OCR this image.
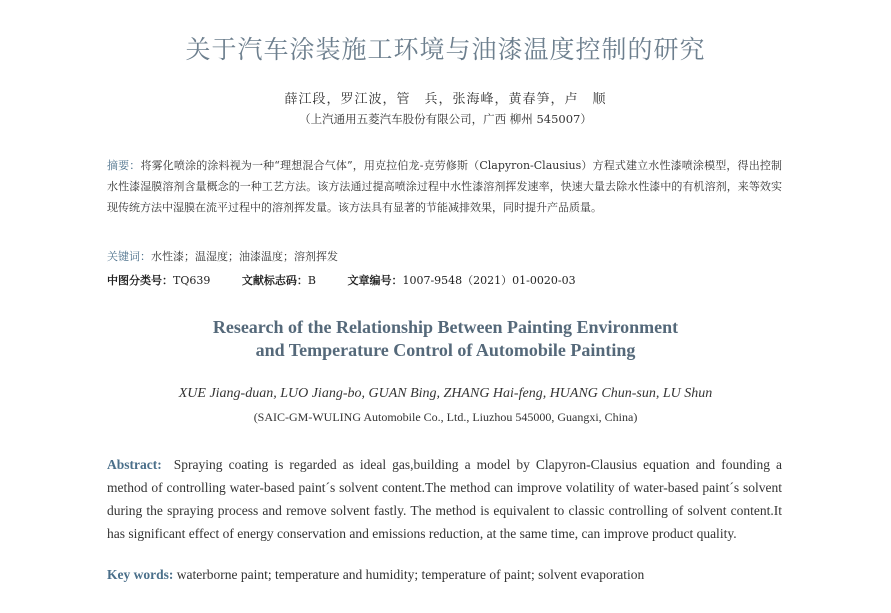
关于汽车涂装施工环境与油漆温度控制的研究
薛江段，罗江波，管　兵，张海峰，黄春笋，卢　顺
（上汽通用五菱汽车股份有限公司，广西 柳州 545007）
摘要：将雾化喷涂的涂料视为一种“理想混合气体”，用克拉伯龙-克劳修斯（Clapyron-Clausius）方程式建立水性漆喷涂模型，得出控制水性漆湿膜溶剂含量概念的一种工艺方法。该方法通过提高喷涂过程中水性漆溶剂挥发速率，快速大量去除水性漆中的有机溶剂，来等效实现传统方法中湿膜在流平过程中的溶剂挥发量。该方法具有显著的节能减排效果，同时提升产品质量。
关键词：水性漆；温湿度；油漆温度；溶剂挥发
中图分类号：TQ639	文献标志码：B	文章编号：1007-9548（2021）01-0020-03
Research of the Relationship Between Painting Environment
and Temperature Control of Automobile Painting
XUE Jiang-duan, LUO Jiang-bo, GUAN Bing, ZHANG Hai-feng, HUANG Chun-sun, LU Shun
(SAIC-GM-WULING Automobile Co., Ltd., Liuzhou 545000, Guangxi, China)
Abstract: Spraying coating is regarded as ideal gas,building a model by Clapyron-Clausius equation and founding a method of controlling water-based paint´s solvent content.The method can improve volatility of water-based paint´s solvent during the spraying process and remove solvent fastly. The method is equivalent to classic controlling of solvent content.It has significant effect of energy conservation and emissions reduction, at the same time, can improve product quality.
Key words: waterborne paint; temperature and humidity; temperature of paint; solvent evaporation
